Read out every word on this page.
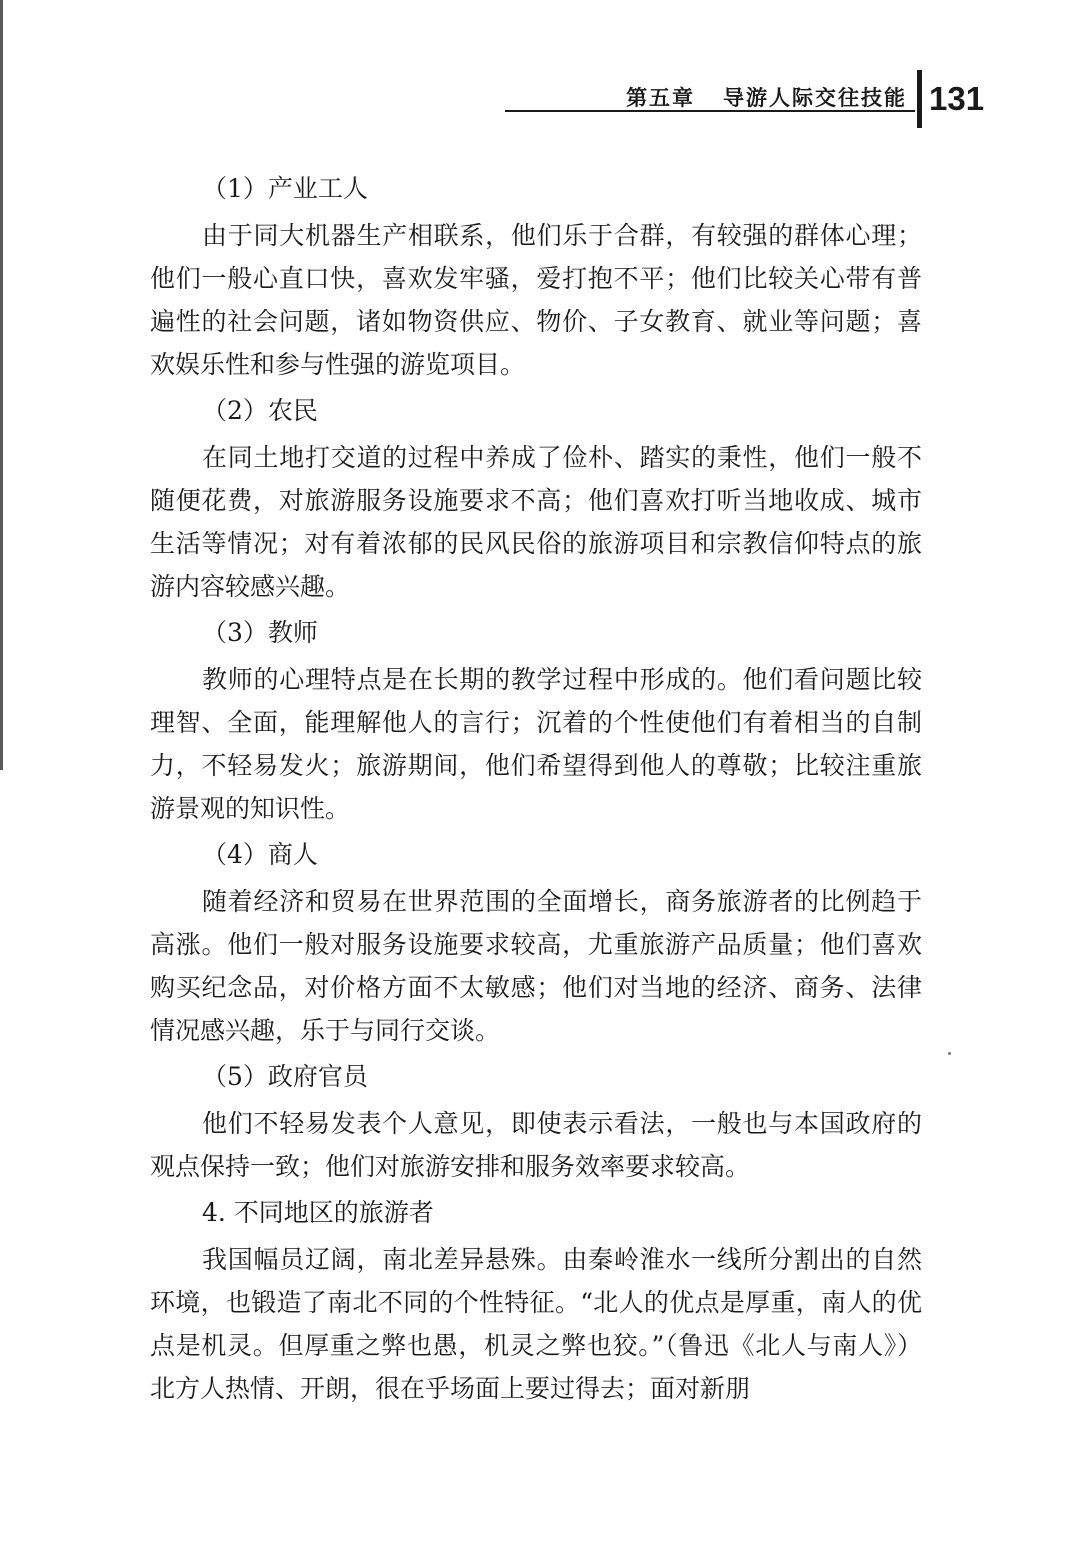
第五章 导游人际交往技能 131

（1）产业工人

由于同大机器生产相联系，他们乐于合群，有较强的群体心理；他们一般心直口快，喜欢发牢骚，爱打抱不平；他们比较关心带有普遍性的社会问题，诸如物资供应、物价、子女教育、就业等问题；喜欢娱乐性和参与性强的游览项目。

（2）农民

在同土地打交道的过程中养成了俭朴、踏实的秉性，他们一般不随便花费，对旅游服务设施要求不高；他们喜欢打听当地收成、城市生活等情况；对有着浓郁的民风民俗的旅游项目和宗教信仰特点的旅游内容较感兴趣。

（3）教师

教师的心理特点是在长期的教学过程中形成的。他们看问题比较理智、全面，能理解他人的言行；沉着的个性使他们有着相当的自制力，不轻易发火；旅游期间，他们希望得到他人的尊敬；比较注重旅游景观的知识性。

（4）商人

随着经济和贸易在世界范围的全面增长，商务旅游者的比例趋于高涨。他们一般对服务设施要求较高，尤重旅游产品质量；他们喜欢购买纪念品，对价格方面不太敏感；他们对当地的经济、商务、法律情况感兴趣，乐于与同行交谈。

（5）政府官员

他们不轻易发表个人意见，即使表示看法，一般也与本国政府的观点保持一致；他们对旅游安排和服务效率要求较高。

4. 不同地区的旅游者

我国幅员辽阔，南北差异悬殊。由秦岭淮水一线所分割出的自然环境，也锻造了南北不同的个性特征。“北人的优点是厚重，南人的优点是机灵。但厚重之弊也愚，机灵之弊也狡。”（鲁迅《北人与南人》）北方人热情、开朗，很在乎场面上要过得去；面对新朋
